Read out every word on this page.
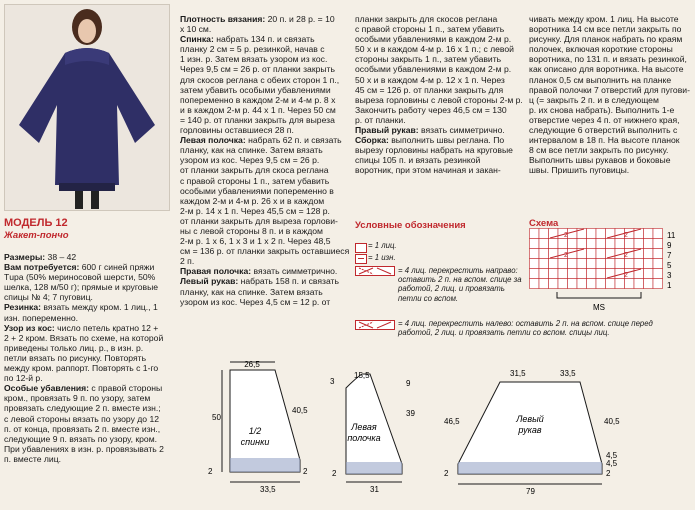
МОДЕЛЬ 12
Жакет-пончо

Размеры: 38 – 42

Вам потребуется: 600 г синей пряжи

Тupa (50% мериносовой шерсти, 50%

шелка, 128 м/50 г); прямые и круговые

спицы № 4; 7 пуговиц.

Резинка: вязать между кром. 1 лиц., 1

изн. попеременно.

Узор из кос: число петель кратно 12 +

2 + 2 кром. Вязать по схеме, на которой

приведены только лиц. р., в изн. р.

петли вязать по рисунку. Повторять

между кром. раппорт. Повторять с 1-го

по 12-й р.

Особые убавления: с правой стороны

кром., провязать 9 п. по узору, затем

провязать следующие 2 п. вместе изн.;

с левой стороны вязать по узору до 12

п. от конца, провязать 2 п. вместе изн.,

следующие 9 п. вязать по узору, кром.

При убавлениях в изн. р. провязывать 2

п. вместе лиц.

Плотность вязания: 20 п. и 28 р. = 10

х 10 см.

Спинка: набрать 134 п. и связать

планку 2 см = 5 р. резинкой, начав с

1 изн. р. Затем вязать узором из кос.

Через 9,5 см = 26 р. от планки закрыть

для скосов реглана с обеих сторон 1 п.,

затем убавить особыми убавлениями

попеременно в каждом 2-м и 4-м р. 8 х

и в каждом 2-м р. 44 х 1 п. Через 50 см

= 140 р. от планки закрыть для выреза

горловины оставшиеся 28 п.

Левая полочка: набрать 62 п. и связать

планку, как на спинке. Затем вязать

узором из кос. Через 9,5 см = 26 р.

от планки закрыть для скоса реглана

с правой стороны 1 п., затем убавить

особыми убавлениями попеременно в

каждом 2-м и 4-м р. 26 х и в каждом

2-м р. 14 х 1 п. Через 45,5 см = 128 р.

от планки закрыть для выреза горлови-

ны с левой стороны 8 п. и в каждом

2-м р. 1 х 6, 1 х 3 и 1 х 2 п. Через 48,5

см = 136 р. от планки закрыть оставшиеся 2 п.

Правая полочка: вязать симметрично.

Левый рукав: набрать 158 п. и связать

планку, как на спинке. Затем вязать

узором из кос. Через 4,5 см = 12 р. от

планки закрыть для скосов реглана

с правой стороны 1 п., затем убавить

особыми убавлениями в каждом 2-м р.

50 х и в каждом 4-м р. 16 х 1 п.; с левой

стороны закрыть 1 п., затем убавить

особыми убавлениями в каждом 2-м р.

50 х и в каждом 4-м р. 12 х 1 п. Через

45 см = 126 р. от планки закрыть для

выреза горловины с левой стороны 2-м р.

Закончить работу через 46,5 см = 130

р. от планки.

Правый рукав: вязать симметрично.

Сборка: выполнить швы реглана. По

вырезу горловины набрать на круговые

спицы 105 п. и вязать резинкой

воротник, при этом начиная и закан-

чивать между кром. 1 лиц. На высоте

воротника 14 см все петли закрыть по

рисунку. Для планок набрать по краям

полочек, включая короткие стороны

воротника, по 131 п. и вязать резинкой,

как описано для воротника. На высоте

планок 0,5 см выполнить на планке

правой полочки 7 отверстий для пугови-

ц (= закрыть 2 п. и в следующем

р. их снова набрать). Выполнить 1-е

отверстие через 4 п. от нижнего края,

следующие 6 отверстий выполнить с

интервалом в 18 п. На высоте планок

8 см все петли закрыть по рисунку.

Выполнить швы рукавов и боковые

швы. Пришить пуговицы.

Условные обозначения
= 1 лиц.
= 1 изн.
= 4 лиц. перекрестить направо: оставить 2 п. на вспом. спице за работой, 2 лиц. и провязать петли со вспом.
= 4 лиц. перекрестить налево: оставить 2 п. на вспом. спице перед работой, 2 лиц. и провязать петли со вспом. спицы лиц.
Схема
11
9
7
5
3
1
2	2
2	2
2
MS
26,5
50
40,5
1/2
спинки
33,5
2	2
3
15,5
39
9
Левая
полочка
31
2
31,5	33,5
46,5	40,5
Левый
рукав
4,5
4,5
79
2	2
